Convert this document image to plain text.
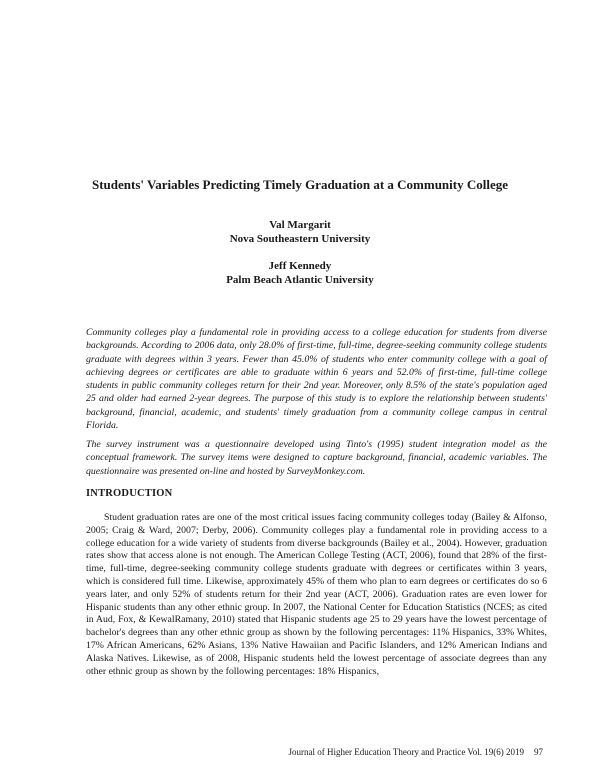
Students' Variables Predicting Timely Graduation at a Community College
Val Margarit
Nova Southeastern University
Jeff Kennedy
Palm Beach Atlantic University

Community colleges play a fundamental role in providing access to a college education for students from diverse backgrounds. According to 2006 data, only 28.0% of first-time, full-time, degree-seeking community college students graduate with degrees within 3 years. Fewer than 45.0% of students who enter community college with a goal of achieving degrees or certificates are able to graduate within 6 years and 52.0% of first-time, full-time college students in public community colleges return for their 2nd year. Moreover, only 8.5% of the state's population aged 25 and older had earned 2-year degrees. The purpose of this study is to explore the relationship between students' background, financial, academic, and students' timely graduation from a community college campus in central Florida.

The survey instrument was a questionnaire developed using Tinto's (1995) student integration model as the conceptual framework. The survey items were designed to capture background, financial, academic variables. The questionnaire was presented on-line and hosted by SurveyMonkey.com.

INTRODUCTION

Student graduation rates are one of the most critical issues facing community colleges today (Bailey & Alfonso, 2005; Craig & Ward, 2007; Derby, 2006). Community colleges play a fundamental role in providing access to a college education for a wide variety of students from diverse backgrounds (Bailey et al., 2004). However, graduation rates show that access alone is not enough. The American College Testing (ACT, 2006), found that 28% of the first-time, full-time, degree-seeking community college students graduate with degrees or certificates within 3 years, which is considered full time. Likewise, approximately 45% of them who plan to earn degrees or certificates do so 6 years later, and only 52% of students return for their 2nd year (ACT, 2006). Graduation rates are even lower for Hispanic students than any other ethnic group. In 2007, the National Center for Education Statistics (NCES; as cited in Aud, Fox, & KewalRamany, 2010) stated that Hispanic students age 25 to 29 years have the lowest percentage of bachelor's degrees than any other ethnic group as shown by the following percentages: 11% Hispanics, 33% Whites, 17% African Americans, 62% Asians, 13% Native Hawaiian and Pacific Islanders, and 12% American Indians and Alaska Natives. Likewise, as of 2008, Hispanic students held the lowest percentage of associate degrees than any other ethnic group as shown by the following percentages: 18% Hispanics,

Journal of Higher Education Theory and Practice Vol. 19(6) 2019 97
